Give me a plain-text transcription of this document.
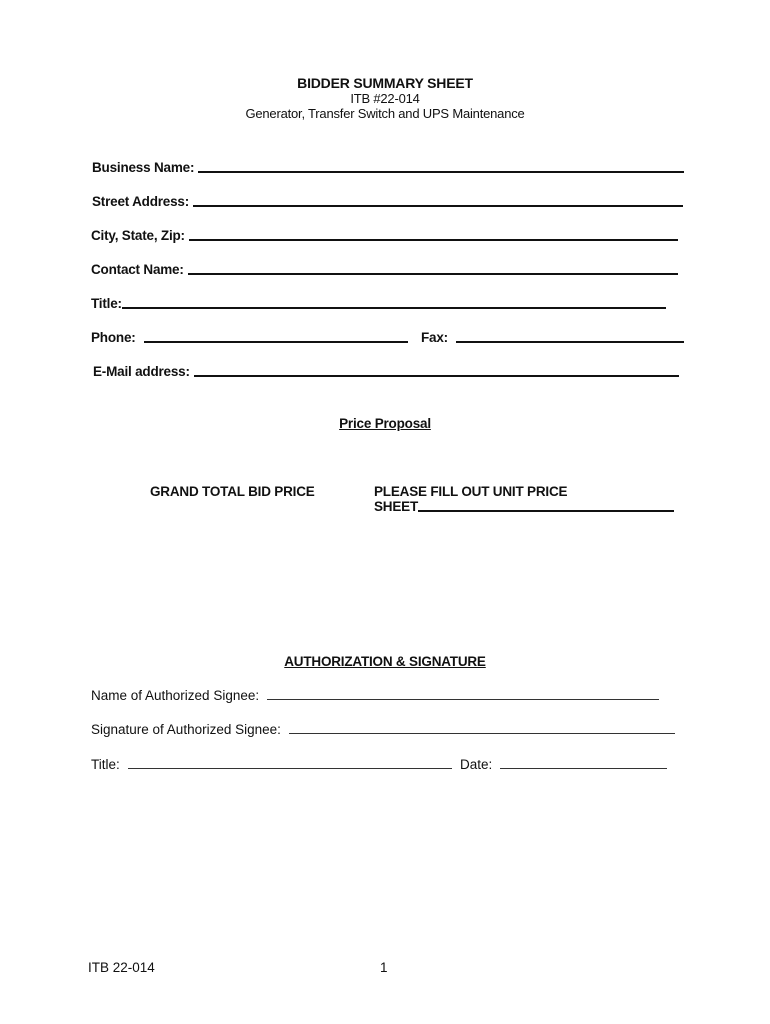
BIDDER SUMMARY SHEET
ITB #22-014
Generator, Transfer Switch and UPS Maintenance
Business Name:
Street Address:
City, State, Zip:
Contact Name:
Title:
Phone:	Fax:
E-Mail address:
Price Proposal
GRAND TOTAL BID PRICE	PLEASE FILL OUT UNIT PRICE
SHEET
AUTHORIZATION & SIGNATURE
Name of Authorized Signee:
Signature of Authorized Signee:
Title:	Date:
ITB 22-014	1
